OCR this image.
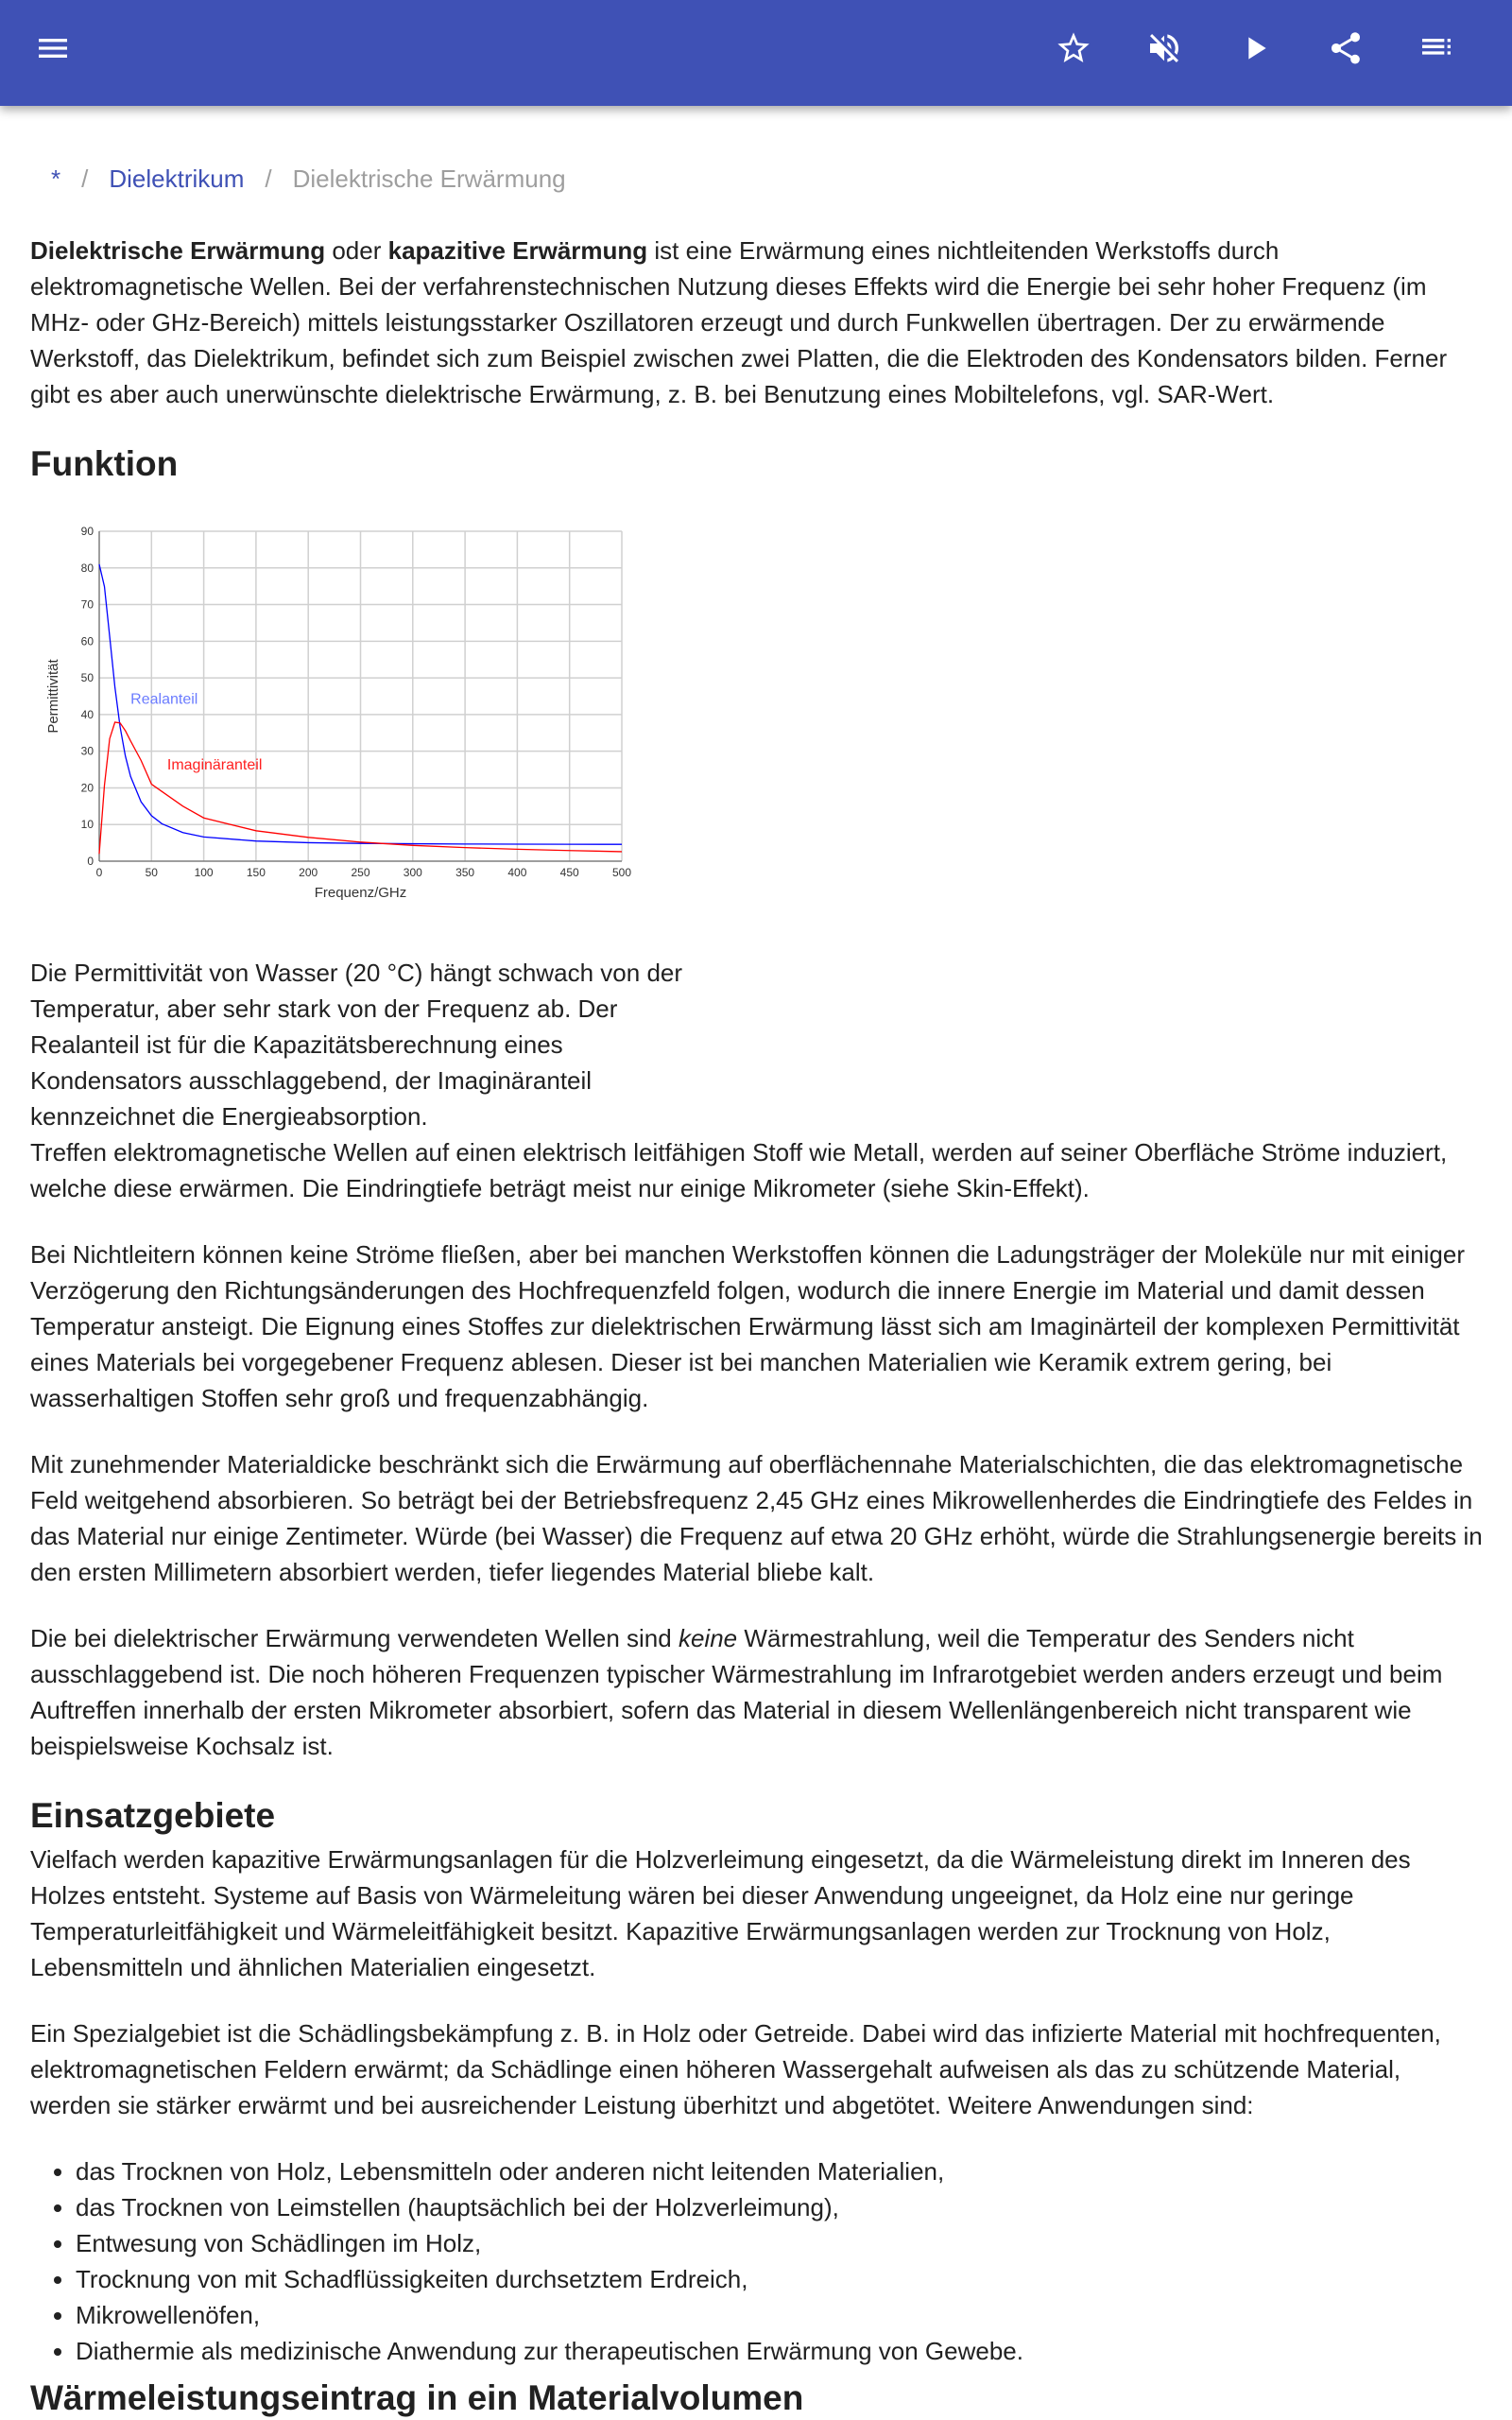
* / Dielektrikum / Dielektrische Erwärmung

Dielektrische Erwärmung oder kapazitive Erwärmung ist eine Erwärmung eines nichtleitenden Werkstoffs durch elektromagnetische Wellen. Bei der verfahrenstechnischen Nutzung dieses Effekts wird die Energie bei sehr hoher Frequenz (im MHz- oder GHz-Bereich) mittels leistungsstarker Oszillatoren erzeugt und durch Funkwellen übertragen. Der zu erwärmende Werkstoff, das Dielektrikum, befindet sich zum Beispiel zwischen zwei Platten, die die Elektroden des Kondensators bilden. Ferner gibt es aber auch unerwünschte dielektrische Erwärmung, z. B. bei Benutzung eines Mobiltelefons, vgl. SAR-Wert.

Funktion
0	50	100	150	200	250	300	350	400	450	500
0
10
20
30
40
50
60
70
80
90
Frequenz/GHz
Permittivität	Realanteil
Imaginäranteil
Die Permittivität von Wasser (20 °C) hängt schwach von der Temperatur, aber sehr stark von der Frequenz ab. Der Realanteil ist für die Kapazitätsberechnung eines Kondensators ausschlaggebend, der Imaginäranteil kennzeichnet die Energieabsorption.

Treffen elektromagnetische Wellen auf einen elektrisch leitfähigen Stoff wie Metall, werden auf seiner Oberfläche Ströme induziert, welche diese erwärmen. Die Eindringtiefe beträgt meist nur einige Mikrometer (siehe Skin-Effekt).

Bei Nichtleitern können keine Ströme fließen, aber bei manchen Werkstoffen können die Ladungsträger der Moleküle nur mit einiger Verzögerung den Richtungsänderungen des Hochfrequenzfeld folgen, wodurch die innere Energie im Material und damit dessen Temperatur ansteigt. Die Eignung eines Stoffes zur dielektrischen Erwärmung lässt sich am Imaginärteil der komplexen Permittivität eines Materials bei vorgegebener Frequenz ablesen. Dieser ist bei manchen Materialien wie Keramik extrem gering, bei wasserhaltigen Stoffen sehr groß und frequenzabhängig.

Mit zunehmender Materialdicke beschränkt sich die Erwärmung auf oberflächennahe Materialschichten, die das elektromagnetische Feld weitgehend absorbieren. So beträgt bei der Betriebsfrequenz 2,45 GHz eines Mikrowellenherdes die Eindringtiefe des Feldes in das Material nur einige Zentimeter. Würde (bei Wasser) die Frequenz auf etwa 20 GHz erhöht, würde die Strahlungsenergie bereits in den ersten Millimetern absorbiert werden, tiefer liegendes Material bliebe kalt.

Die bei dielektrischer Erwärmung verwendeten Wellen sind keine Wärmestrahlung, weil die Temperatur des Senders nicht ausschlaggebend ist. Die noch höheren Frequenzen typischer Wärmestrahlung im Infrarotgebiet werden anders erzeugt und beim Auftreffen innerhalb der ersten Mikrometer absorbiert, sofern das Material in diesem Wellenlängenbereich nicht transparent wie beispielsweise Kochsalz ist.

Einsatzgebiete

Vielfach werden kapazitive Erwärmungsanlagen für die Holzverleimung eingesetzt, da die Wärmeleistung direkt im Inneren des Holzes entsteht. Systeme auf Basis von Wärmeleitung wären bei dieser Anwendung ungeeignet, da Holz eine nur geringe Temperaturleitfähigkeit und Wärmeleitfähigkeit besitzt. Kapazitive Erwärmungsanlagen werden zur Trocknung von Holz, Lebensmitteln und ähnlichen Materialien eingesetzt.

Ein Spezialgebiet ist die Schädlingsbekämpfung z. B. in Holz oder Getreide. Dabei wird das infizierte Material mit hochfrequenten, elektromagnetischen Feldern erwärmt; da Schädlinge einen höheren Wassergehalt aufweisen als das zu schützende Material, werden sie stärker erwärmt und bei ausreichender Leistung überhitzt und abgetötet. Weitere Anwendungen sind:

• das Trocknen von Holz, Lebensmitteln oder anderen nicht leitenden Materialien,
• das Trocknen von Leimstellen (hauptsächlich bei der Holzverleimung),
• Entwesung von Schädlingen im Holz,
• Trocknung von mit Schadflüssigkeiten durchsetztem Erdreich,
• Mikrowellenöfen,
• Diathermie als medizinische Anwendung zur therapeutischen Erwärmung von Gewebe.
Wärmeleistungseintrag in ein Materialvolumen
